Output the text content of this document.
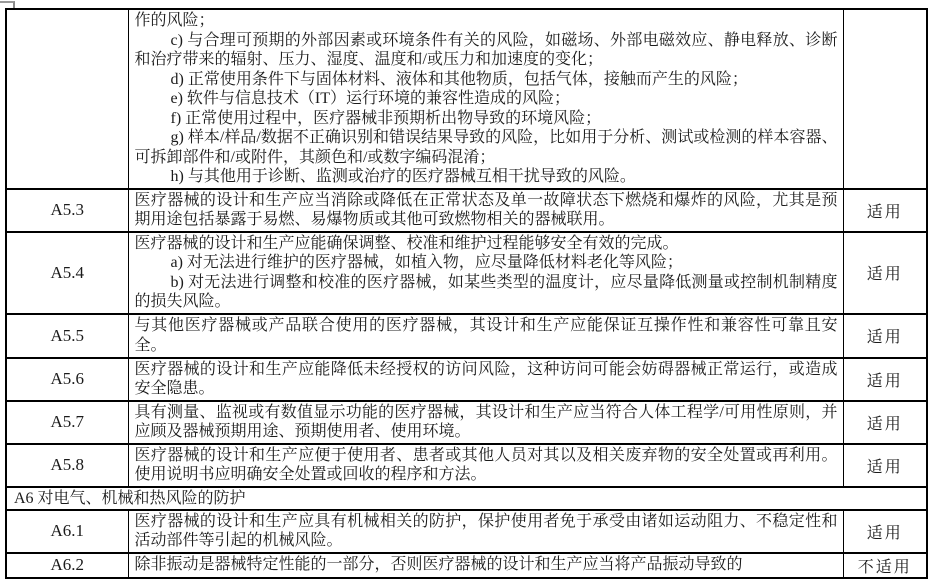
作的风险；

c) 与合理可预期的外部因素或环境条件有关的风险，如磁场、外部电磁效应、静电释放、诊断和治疗带来的辐射、压力、湿度、温度和/或压力和加速度的变化；

d) 正常使用条件下与固体材料、液体和其他物质，包括气体，接触而产生的风险；

e) 软件与信息技术（IT）运行环境的兼容性造成的风险；

f) 正常使用过程中，医疗器械非预期析出物导致的环境风险；

g) 样本/样品/数据不正确识别和错误结果导致的风险，比如用于分析、测试或检测的样本容器、可拆卸部件和/或附件，其颜色和/或数字编码混淆；

h) 与其他用于诊断、监测或治疗的医疗器械互相干扰导致的风险。

A5.3	医疗器械的设计和生产应当消除或降低在正常状态及单一故障状态下燃烧和爆炸的风险，尤其是预期用途包括暴露于易燃、易爆物质或其他可致燃物相关的器械联用。	适用
A5.4	医疗器械的设计和生产应能确保调整、校准和维护过程能够安全有效的完成。

a) 对无法进行维护的医疗器械，如植入物，应尽量降低材料老化等风险；

b) 对无法进行调整和校准的医疗器械，如某些类型的温度计，应尽量降低测量或控制机制精度的损失风险。	适用
A5.5	与其他医疗器械或产品联合使用的医疗器械，其设计和生产应能保证互操作性和兼容性可靠且安全。	适用
A5.6	医疗器械的设计和生产应能降低未经授权的访问风险，这种访问可能会妨碍器械正常运行，或造成安全隐患。	适用
A5.7	具有测量、监视或有数值显示功能的医疗器械，其设计和生产应当符合人体工程学/可用性原则，并应顾及器械预期用途、预期使用者、使用环境。	适用
A5.8	医疗器械的设计和生产应便于使用者、患者或其他人员对其以及相关废弃物的安全处置或再利用。使用说明书应明确安全处置或回收的程序和方法。	适用
A6 对电气、机械和热风险的防护		
A6.1	医疗器械的设计和生产应具有机械相关的防护，保护使用者免于承受由诸如运动阻力、不稳定性和活动部件等引起的机械风险。	适用
A6.2	除非振动是器械特定性能的一部分，否则医疗器械的设计和生产应当将产品振动导致的	不适用
